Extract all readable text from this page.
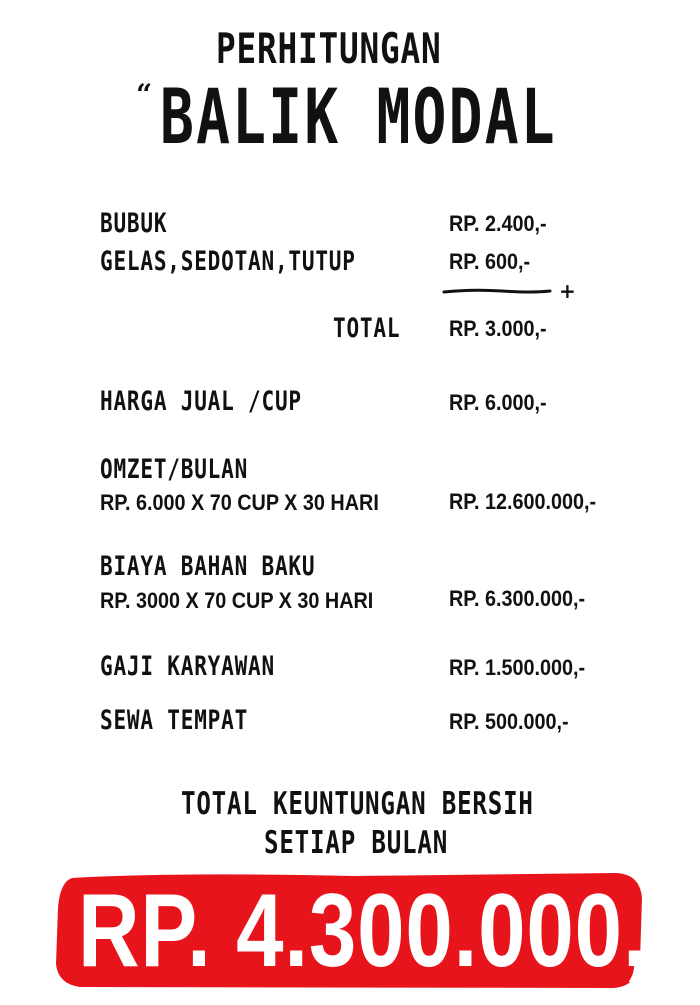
PERHITUNGAN
“ BALIK MODAL
BUBUK	RP. 2.400,-
GELAS,SEDOTAN,TUTUP	RP. 600,-
+
TOTAL RP. 3.000,-
HARGA JUAL /CUP	RP. 6.000,-
OMZET/BULAN
RP. 6.000 X 70 CUP X 30 HARI	RP. 12.600.000,-
BIAYA BAHAN BAKU
RP. 3000 X 70 CUP X 30 HARI	RP. 6.300.000,-
GAJI KARYAWAN	RP. 1.500.000,-
SEWA TEMPAT	RP. 500.000,-
TOTAL KEUNTUNGAN BERSIH
SETIAP BULAN
RP. 4.300.000,-
